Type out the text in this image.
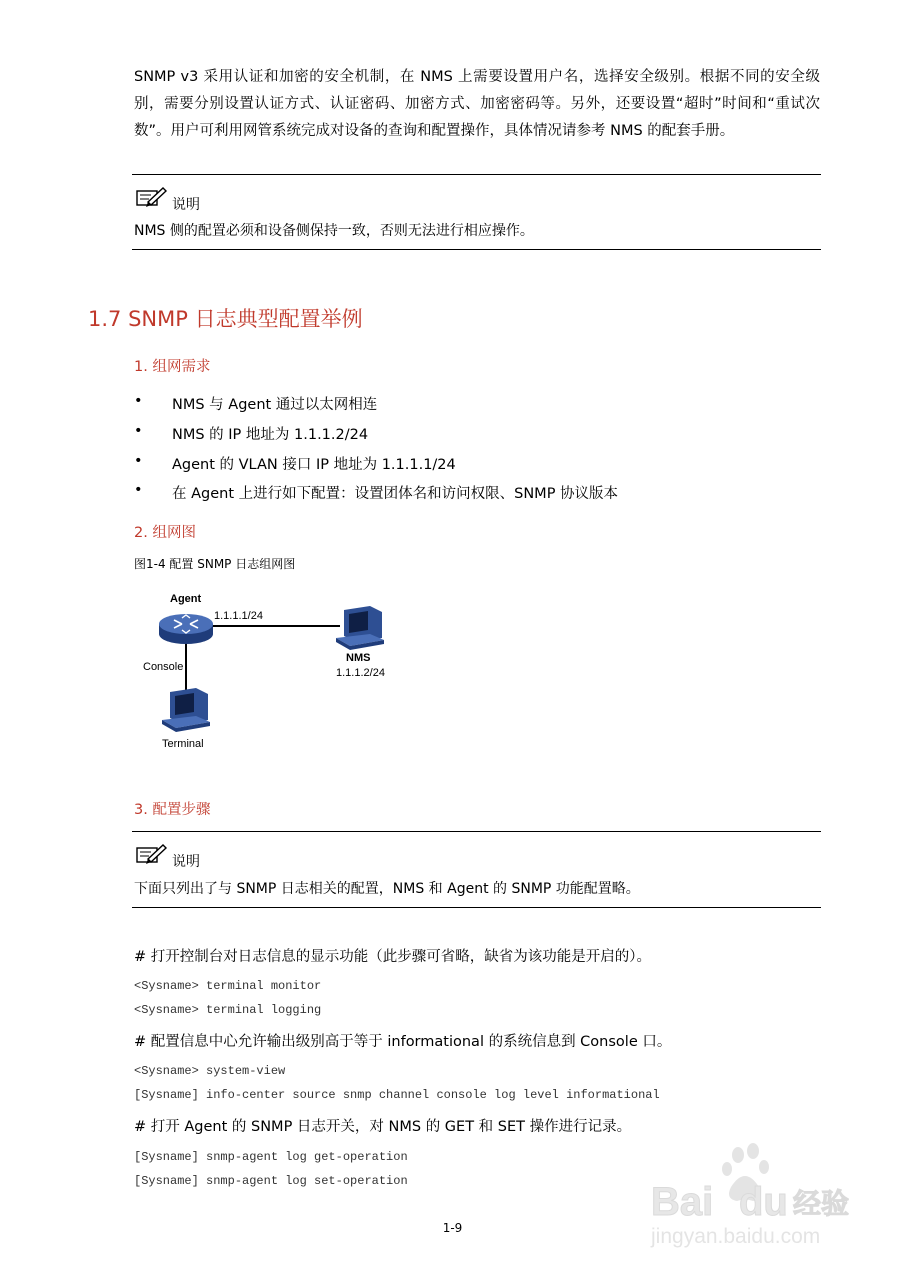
SNMP v3 采用认证和加密的安全机制，在 NMS 上需要设置用户名，选择安全级别。根据不同的安全级别，需要分别设置认证方式、认证密码、加密方式、加密密码等。另外，还要设置“超时”时间和“重试次数”。用户可利用网管系统完成对设备的查询和配置操作，具体情况请参考 NMS 的配套手册。
说明
NMS 侧的配置必须和设备侧保持一致，否则无法进行相应操作。
1.7 SNMP 日志典型配置举例
1. 组网需求
• NMS 与 Agent 通过以太网相连
• NMS 的 IP 地址为 1.1.1.2/24
• Agent 的 VLAN 接口 IP 地址为 1.1.1.1/24
• 在 Agent 上进行如下配置：设置团体名和访问权限、SNMP 协议版本
2. 组网图
图1-4 配置 SNMP 日志组网图
Agent
1.1.1.1/24
NMS
1.1.1.2/24
Console
Terminal
3. 配置步骤
说明
下面只列出了与 SNMP 日志相关的配置，NMS 和 Agent 的 SNMP 功能配置略。
# 打开控制台对日志信息的显示功能（此步骤可省略，缺省为该功能是开启的）。
<Sysname> terminal monitor
<Sysname> terminal logging
# 配置信息中心允许输出级别高于等于 informational 的系统信息到 Console 口。
<Sysname> system-view
[Sysname] info-center source snmp channel console log level informational
# 打开 Agent 的 SNMP 日志开关，对 NMS 的 GET 和 SET 操作进行记录。
[Sysname] snmp-agent log get-operation
[Sysname] snmp-agent log set-operation
1-9
Bai du 经验
jingyan.baidu.com
